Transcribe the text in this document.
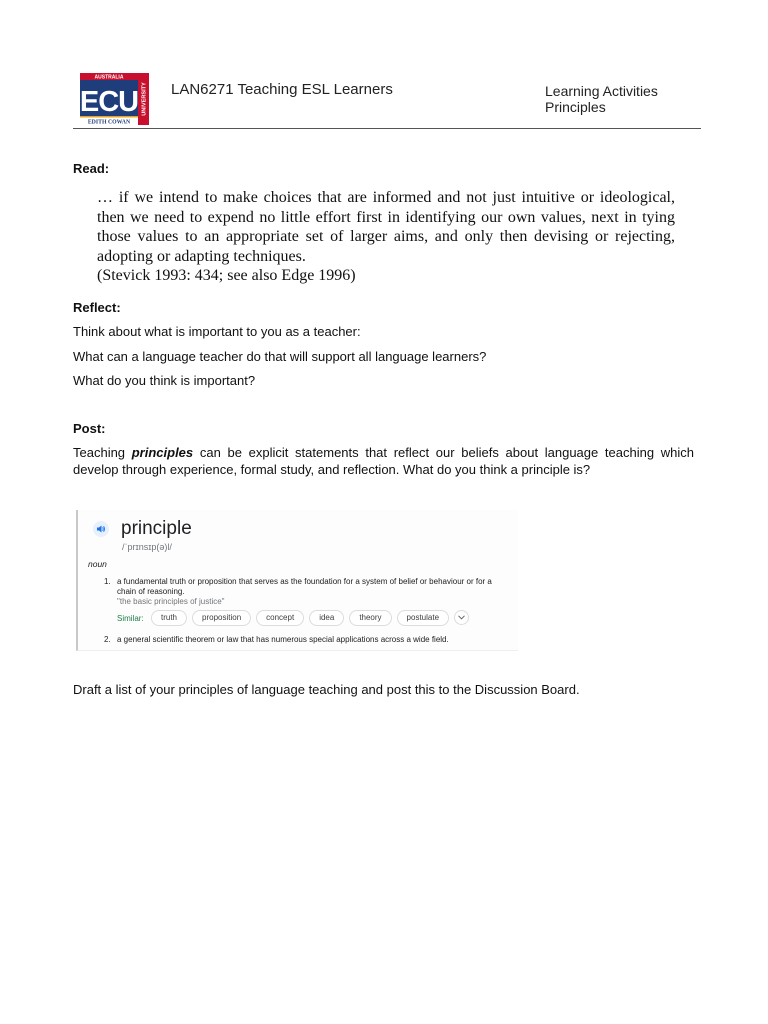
AUSTRALIA
ECU
EDITH COWAN
UNIVERSITY LAN6271 Teaching ESL Learners	Learning Activities
Principles
Read:
… if we intend to make choices that are informed and not just intuitive or ideological, then we need to expend no little effort first in identifying our own values, next in tying those values to an appropriate set of larger aims, and only then devising or rejecting, adopting or adapting techniques.
(Stevick 1993: 434; see also Edge 1996)
Reflect:
Think about what is important to you as a teacher:
What can a language teacher do that will support all language learners?
What do you think is important?
Post:
Teaching principles can be explicit statements that reflect our beliefs about language teaching which develop through experience, formal study, and reflection. What do you think a principle is?
principle
/ˈprɪnsɪp(ə)l/
noun
1. a fundamental truth or proposition that serves as the foundation for a system of belief or behaviour or for a chain of reasoning.
"the basic principles of justice"
Similar:	truth	proposition	concept	idea	theory	postulate
2. a general scientific theorem or law that has numerous special applications across a wide field.
Draft a list of your principles of language teaching and post this to the Discussion Board.
